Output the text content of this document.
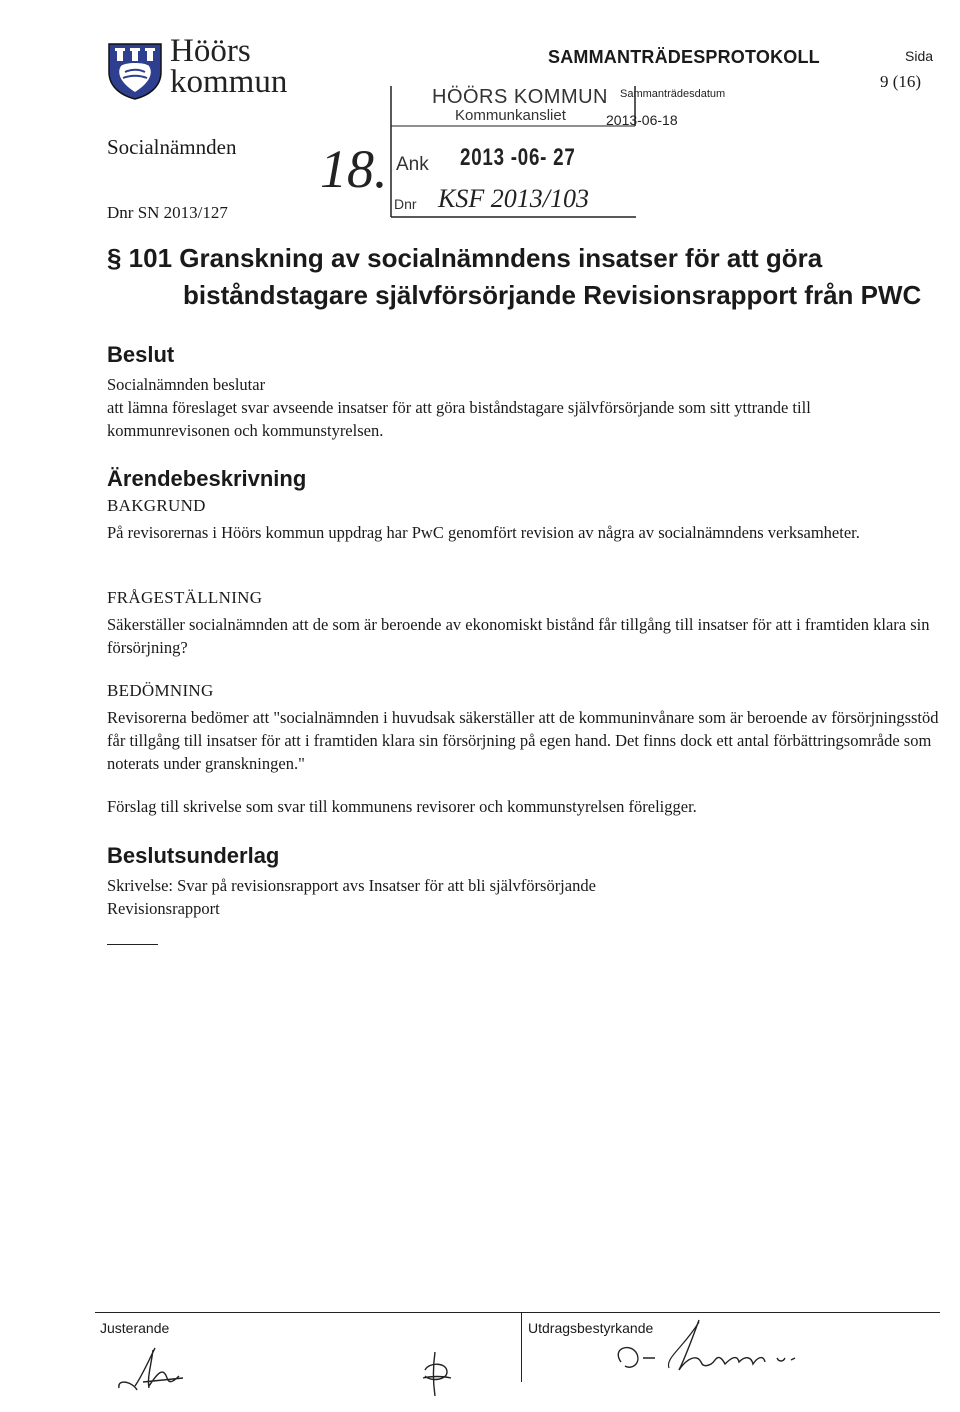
Höörs
kommun
SAMMANTRÄDESPROTOKOLL	Sida
9 (16)
Socialnämnden
Dnr SN 2013/127
HÖÖRS KOMMUN
Kommunkansliet
Sammanträdesdatum
2013-06-18
Ank 2013 -06- 27
Dnr KSF 2013/103
18.
§ 101 Granskning av socialnämndens insatser för att göra
biståndstagare självförsörjande Revisionsrapport från PWC
Beslut
Socialnämnden beslutar
att lämna föreslaget svar avseende insatser för att göra biståndstagare självförsörjande som sitt yttrande till kommunrevisonen och kommunstyrelsen.
Ärendebeskrivning
BAKGRUND
På revisorernas i Höörs kommun uppdrag har PwC genomfört revision av några av socialnämndens verksamheter.
FRÅGESTÄLLNING
Säkerställer socialnämnden att de som är beroende av ekonomiskt bistånd får tillgång till insatser för att i framtiden klara sin försörjning?
BEDÖMNING
Revisorerna bedömer att "socialnämnden i huvudsak säkerställer att de kommuninvånare som är beroende av försörjningsstöd får tillgång till insatser för att i framtiden klara sin försörjning på egen hand. Det finns dock ett antal förbättringsområde som noterats under granskningen."
Förslag till skrivelse som svar till kommunens revisorer och kommunstyrelsen föreligger.
Beslutsunderlag
Skrivelse: Svar på revisionsrapport avs Insatser för att bli självförsörjande
Revisionsrapport
Justerande	Utdragsbestyrkande
